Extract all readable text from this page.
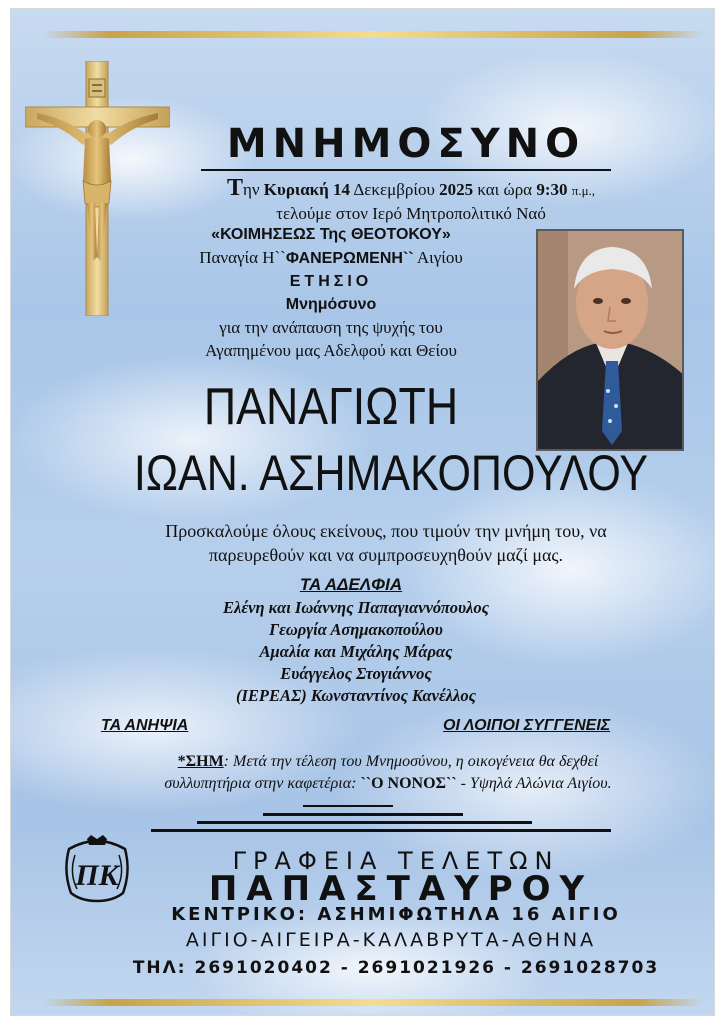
ΜΝΗΜΟΣΥΝΟ
Την Κυριακή 14 Δεκεμβρίου 2025 και ώρα 9:30 π.μ.,
τελούμε στον Ιερό Μητροπολιτικό Ναό
«ΚΟΙΜΗΣΕΩΣ Της ΘΕΟΤΟΚΟΥ»
Παναγία Η``ΦΑΝΕΡΩΜΕΝΗ`` Αιγίου
ΕΤΗΣΙΟ
Μνημόσυνο
για την ανάπαυση της ψυχής του
Αγαπημένου μας Αδελφού και Θείου
ΠΑΝΑΓΙΩΤΗ
ΙΩΑΝ. ΑΣΗΜΑΚΟΠΟΥΛΟΥ
Προσκαλούμε όλους εκείνους, που τιμούν την μνήμη του, να
παρευρεθούν και να συμπροσευχηθούν μαζί μας.
ΤΑ ΑΔΕΛΦΙΑ
Ελένη και Ιωάννης Παπαγιαννόπουλος
Γεωργία Ασημακοπούλου
Αμαλία και Μιχάλης Μάρας
Ευάγγελος Στογιάννος
(ΙΕΡΕΑΣ) Κωνσταντίνος Κανέλλος
ΤΑ ΑΝΗΨΙΑ	ΟΙ ΛΟΙΠΟΙ ΣΥΓΓΕΝΕΙΣ
*ΣΗΜ: Μετά την τέλεση του Μνημοσύνου, η οικογένεια θα δεχθεί
συλλυπητήρια στην καφετέρια: ``Ο ΝΟΝΟΣ`` - Υψηλά Αλώνια Αιγίου.
ΠΚ	ΓΡΑΦΕΙΑ ΤΕΛΕΤΩΝ
ΠΑΠΑΣΤΑΥΡΟΥ
ΚΕΝΤΡΙΚΟ: ΑΣΗΜΙΦΩΤΗΛΑ 16 ΑΙΓΙΟ
ΑΙΓΙΟ-ΑΙΓΕΙΡΑ-ΚΑΛΑΒΡΥΤΑ-ΑΘΗΝΑ
ΤΗΛ: 2691020402 - 2691021926 - 2691028703
